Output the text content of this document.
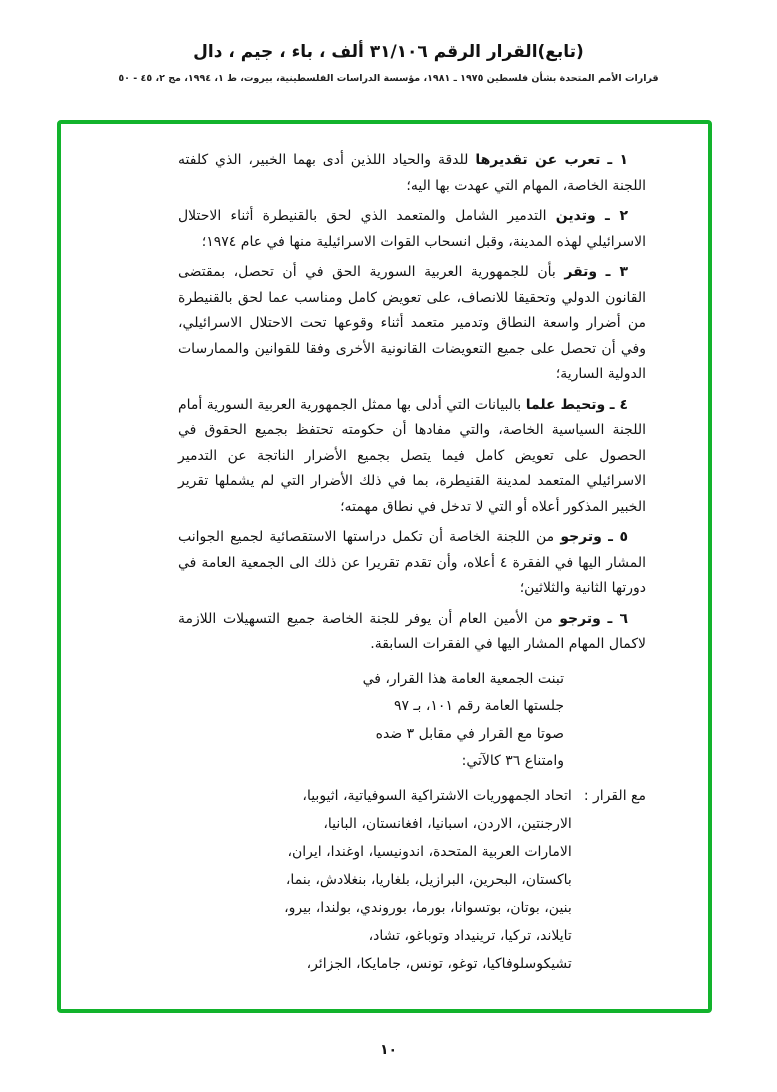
(تابع)القرار الرقم ٣١/١٠٦ ألف ، باء ، جيم ، دال
قرارات الأمم المتحدة بشأن فلسطين ١٩٧٥ ـ ١٩٨١، مؤسسة الدراسات الفلسطينية، بيروت، ط ١، ١٩٩٤، مج ٢، ٤٥ - ٥٠

١ ـ تعرب عن تقديرها للدقة والحياد اللذين أدى بهما الخبير، الذي كلفته اللجنة الخاصة، المهام التي عهدت بها اليه؛

٢ ـ وتدين التدمير الشامل والمتعمد الذي لحق بالقنيطرة أثناء الاحتلال الاسرائيلي لهذه المدينة، وقبل انسحاب القوات الاسرائيلية منها في عام ١٩٧٤؛

٣ ـ وتقر بأن للجمهورية العربية السورية الحق في أن تحصل، بمقتضى القانون الدولي وتحقيقا للانصاف، على تعويض كامل ومناسب عما لحق بالقنيطرة من أضرار واسعة النطاق وتدمير متعمد أثناء وقوعها تحت الاحتلال الاسرائيلي، وفي أن تحصل على جميع التعويضات القانونية الأخرى وفقا للقوانين والممارسات الدولية السارية؛

٤ ـ وتحيط علما بالبيانات التي أدلى بها ممثل الجمهورية العربية السورية أمام اللجنة السياسية الخاصة، والتي مفادها أن حكومته تحتفظ بجميع الحقوق في الحصول على تعويض كامل فيما يتصل بجميع الأضرار الناتجة عن التدمير الاسرائيلي المتعمد لمدينة القنيطرة، بما في ذلك الأضرار التي لم يشملها تقرير الخبير المذكور أعلاه أو التي لا تدخل في نطاق مهمته؛

٥ ـ وترجو من اللجنة الخاصة أن تكمل دراستها الاستقصائية لجميع الجوانب المشار اليها في الفقرة ٤ أعلاه، وأن تقدم تقريرا عن ذلك الى الجمعية العامة في دورتها الثانية والثلاثين؛

٦ ـ وترجو من الأمين العام أن يوفر للجنة الخاصة جميع التسهيلات اللازمة لاكمال المهام المشار اليها في الفقرات السابقة.

تبنت الجمعية العامة هذا القرار، في
جلستها العامة رقم ١٠١، بـ ٩٧
صوتا مع القرار في مقابل ٣ ضده
وامتناع ٣٦ كالآتي:
مع القرار :
اتحاد الجمهوريات الاشتراكية السوفياتية، اثيوبيا،
الارجنتين، الاردن، اسبانيا، افغانستان، البانيا،
الامارات العربية المتحدة، اندونيسيا، اوغندا، ايران،
باكستان، البحرين، البرازيل، بلغاريا، بنغلادش، بنما،
بنين، بوتان، بوتسوانا، بورما، بوروندي، بولندا، بيرو،
تايلاند، تركيا، ترينيداد وتوباغو، تشاد،
تشيكوسلوفاكيا، توغو، تونس، جامايكا، الجزائر،
١٠
